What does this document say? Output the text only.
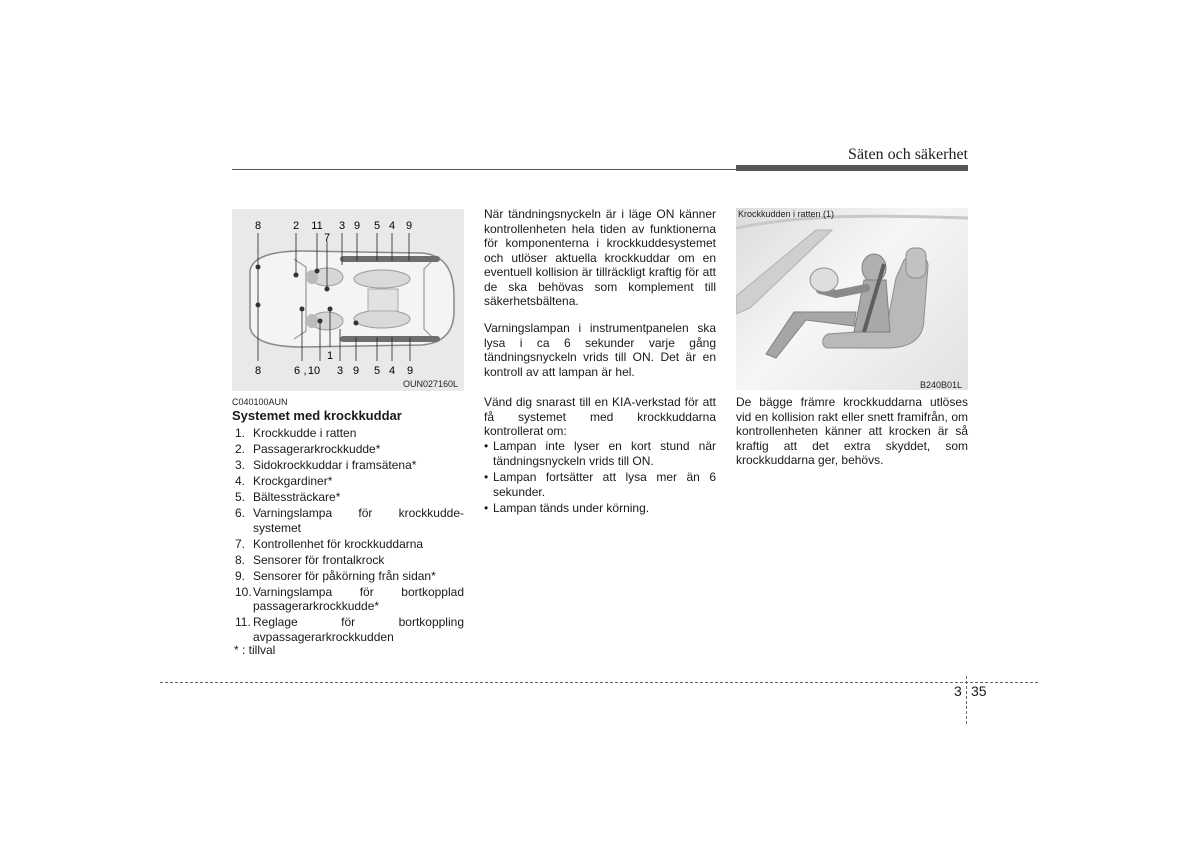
Säten och säkerhet
8	2 11 3 9 5 4 9
7
1
8	6 , 10 3 9 5 4 9
OUN027160L
C040100AUN
Systemet med krockkuddar
1. Krockkudde i ratten
2. Passagerarkrockkudde*
3. Sidokrockkuddar i framsätena*
4. Krockgardiner*
5. Bältessträckare*
6. Varningslampa för krockkudde-
systemet
7. Kontrollenhet för krockkuddarna
8. Sensorer för frontalkrock
9. Sensorer för påkörning från sidan*
10. Varningslampa för bortkopplad
passagerarkrockkudde*
11. Reglage för bortkoppling
avpassagerarkrockkudden
* : tillval
När tändningsnyckeln är i läge ON känner kontrollenheten hela tiden av funktionerna för komponenterna i krockkuddesystemet och utlöser aktuella krockkuddar om en eventuell kollision är tillräckligt kraftig för att de ska behövas som komplement till säkerhetsbältena.
Varningslampan i instrumentpanelen ska lysa i ca 6 sekunder varje gång tändningsnyckeln vrids till ON. Det är en kontroll av att lampan är hel.
Vänd dig snarast till en KIA-verkstad för att få systemet med krockkuddarna kontrollerat om:
• Lampan inte lyser en kort stund när tändningsnyckeln vrids till ON.
• Lampan fortsätter att lysa mer än 6 sekunder.
• Lampan tänds under körning.
Krockkudden i ratten (1)
B240B01L
De bägge främre krockkuddarna utlöses vid en kollision rakt eller snett framifrån, om kontrollenheten känner att krocken är så kraftig att det extra skyddet, som krockkuddarna ger, behövs.
3 35
